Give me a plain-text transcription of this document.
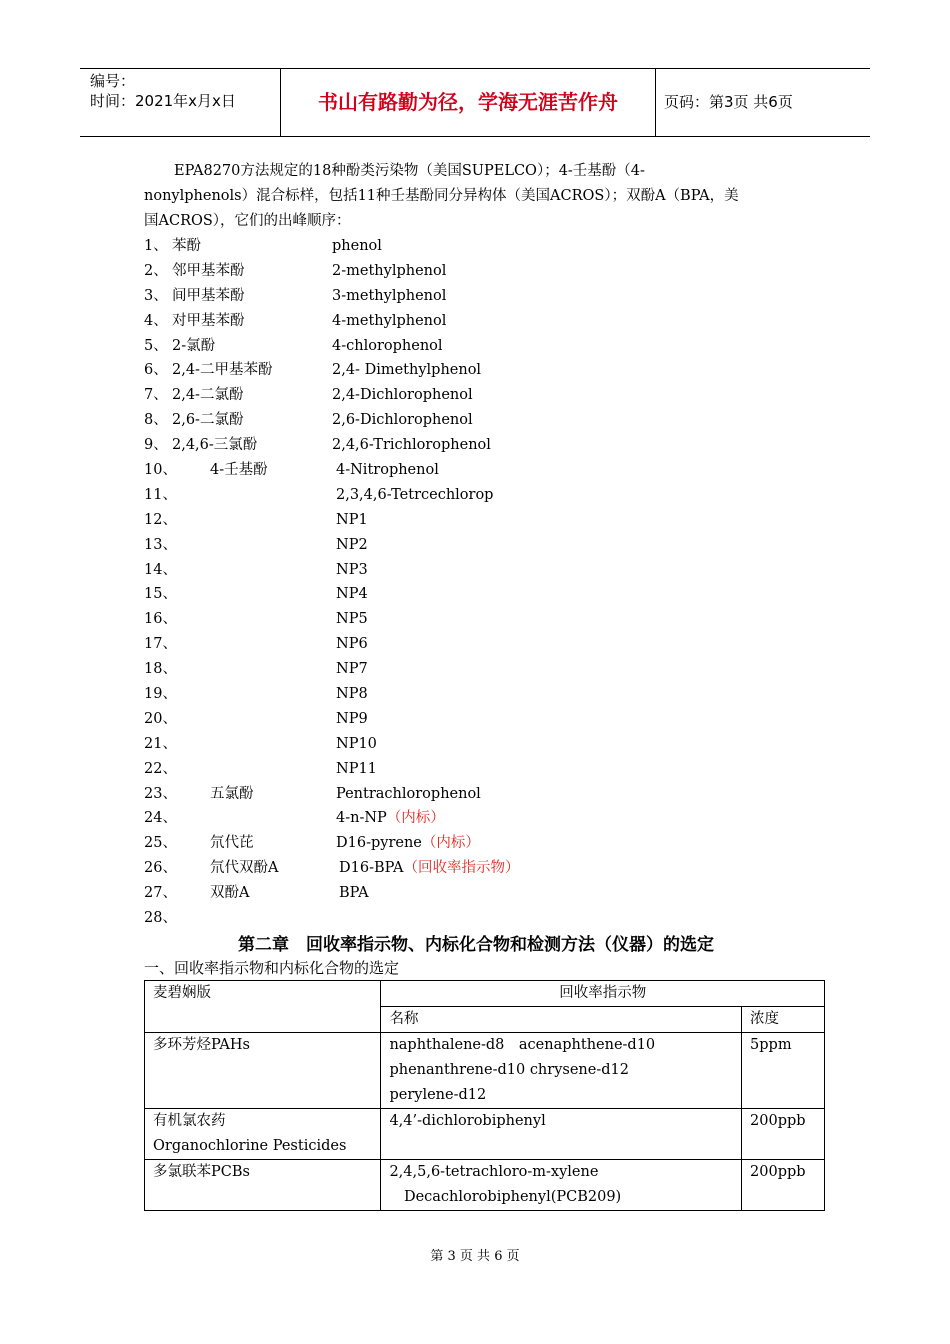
编号：
时间：2021年x月x日	书山有路勤为径，学海无涯苦作舟	页码：第3页 共6页
EPA8270方法规定的18种酚类污染物（美国SUPELCO）；4-壬基酚（4-
nonylphenols）混合标样，包括11种壬基酚同分异构体（美国ACROS）；双酚A（BPA，美
国ACROS），它们的出峰顺序：
1、 苯酚	phenol
2、 邻甲基苯酚	2-methylphenol
3、 间甲基苯酚	3-methylphenol
4、 对甲基苯酚	4-methylphenol
5、 2-氯酚	4-chlorophenol
6、 2,4-二甲基苯酚	2,4- Dimethylphenol
7、 2,4-二氯酚	2,4-Dichlorophenol
8、 2,6-二氯酚	2,6-Dichlorophenol
9、 2,4,6-三氯酚	2,4,6-Trichlorophenol
10、 4-壬基酚	4-Nitrophenol
11、	2,3,4,6-Tetrcechlorop
12、	NP1
13、	NP2
14、	NP3
15、	NP4
16、	NP5
17、	NP6
18、	NP7
19、	NP8
20、	NP9
21、	NP10
22、	NP11
23、 五氯酚	Pentrachlorophenol
24、	4-n-NP（内标）
25、 氘代芘	D16-pyrene（内标）
26、 氘代双酚A	D16-BPA（回收率指示物）
27、 双酚A	BPA
28、
第二章　回收率指示物、内标化合物和检测方法（仪器）的选定
一、回收率指示物和内标化合物的选定
麦碧娴版	回收率指示物	
	名称	浓度

多环芳烃PAHs	naphthalene-d8　acenaphthene-d10
phenanthrene-d10 chrysene-d12
perylene-d12	5ppm

有机氯农药
Organochlorine Pesticides	4,4’-dichlorobiphenyl	200ppb

多氯联苯PCBs	2,4,5,6-tetrachloro-m-xylene
　Decachlorobiphenyl(PCB209)	200ppb
第 3 页 共 6 页
